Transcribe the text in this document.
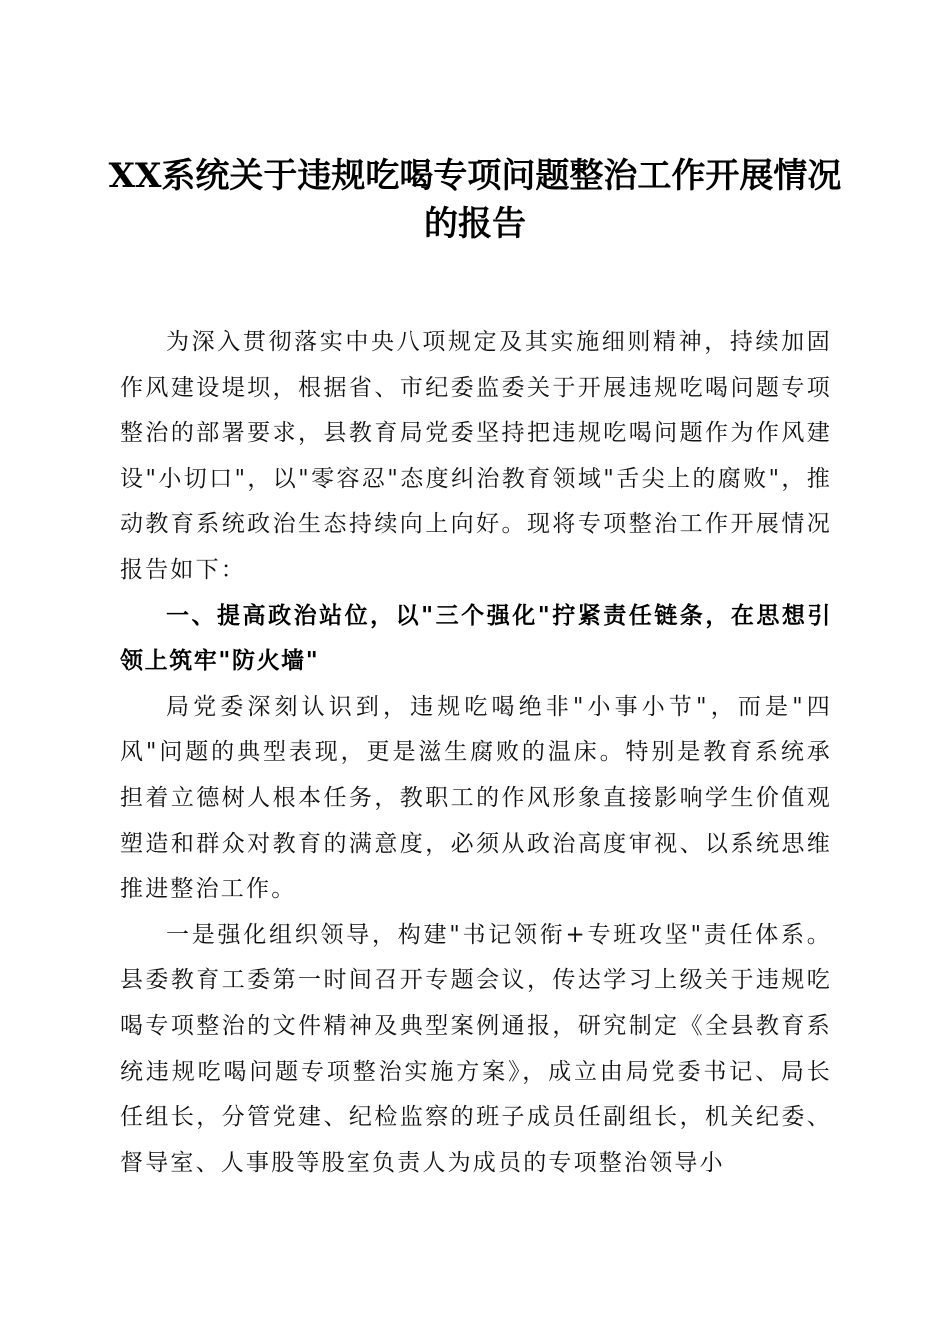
XX系统关于违规吃喝专项问题整治工作开展情况的报告

为深入贯彻落实中央八项规定及其实施细则精神，持续加固作风建设堤坝，根据省、市纪委监委关于开展违规吃喝问题专项整治的部署要求，县教育局党委坚持把违规吃喝问题作为作风建设"小切口"，以"零容忍"态度纠治教育领域"舌尖上的腐败"，推动教育系统政治生态持续向上向好。现将专项整治工作开展情况报告如下：

一、提高政治站位，以"三个强化"拧紧责任链条，在思想引领上筑牢"防火墙"

局党委深刻认识到，违规吃喝绝非"小事小节"，而是"四风"问题的典型表现，更是滋生腐败的温床。特别是教育系统承担着立德树人根本任务，教职工的作风形象直接影响学生价值观塑造和群众对教育的满意度，必须从政治高度审视、以系统思维推进整治工作。

一是强化组织领导，构建"书记领衔+专班攻坚"责任体系。县委教育工委第一时间召开专题会议，传达学习上级关于违规吃喝专项整治的文件精神及典型案例通报，研究制定《全县教育系统违规吃喝问题专项整治实施方案》，成立由局党委书记、局长任组长，分管党建、纪检监察的班子成员任副组长，机关纪委、督导室、人事股等股室负责人为成员的专项整治领导小
